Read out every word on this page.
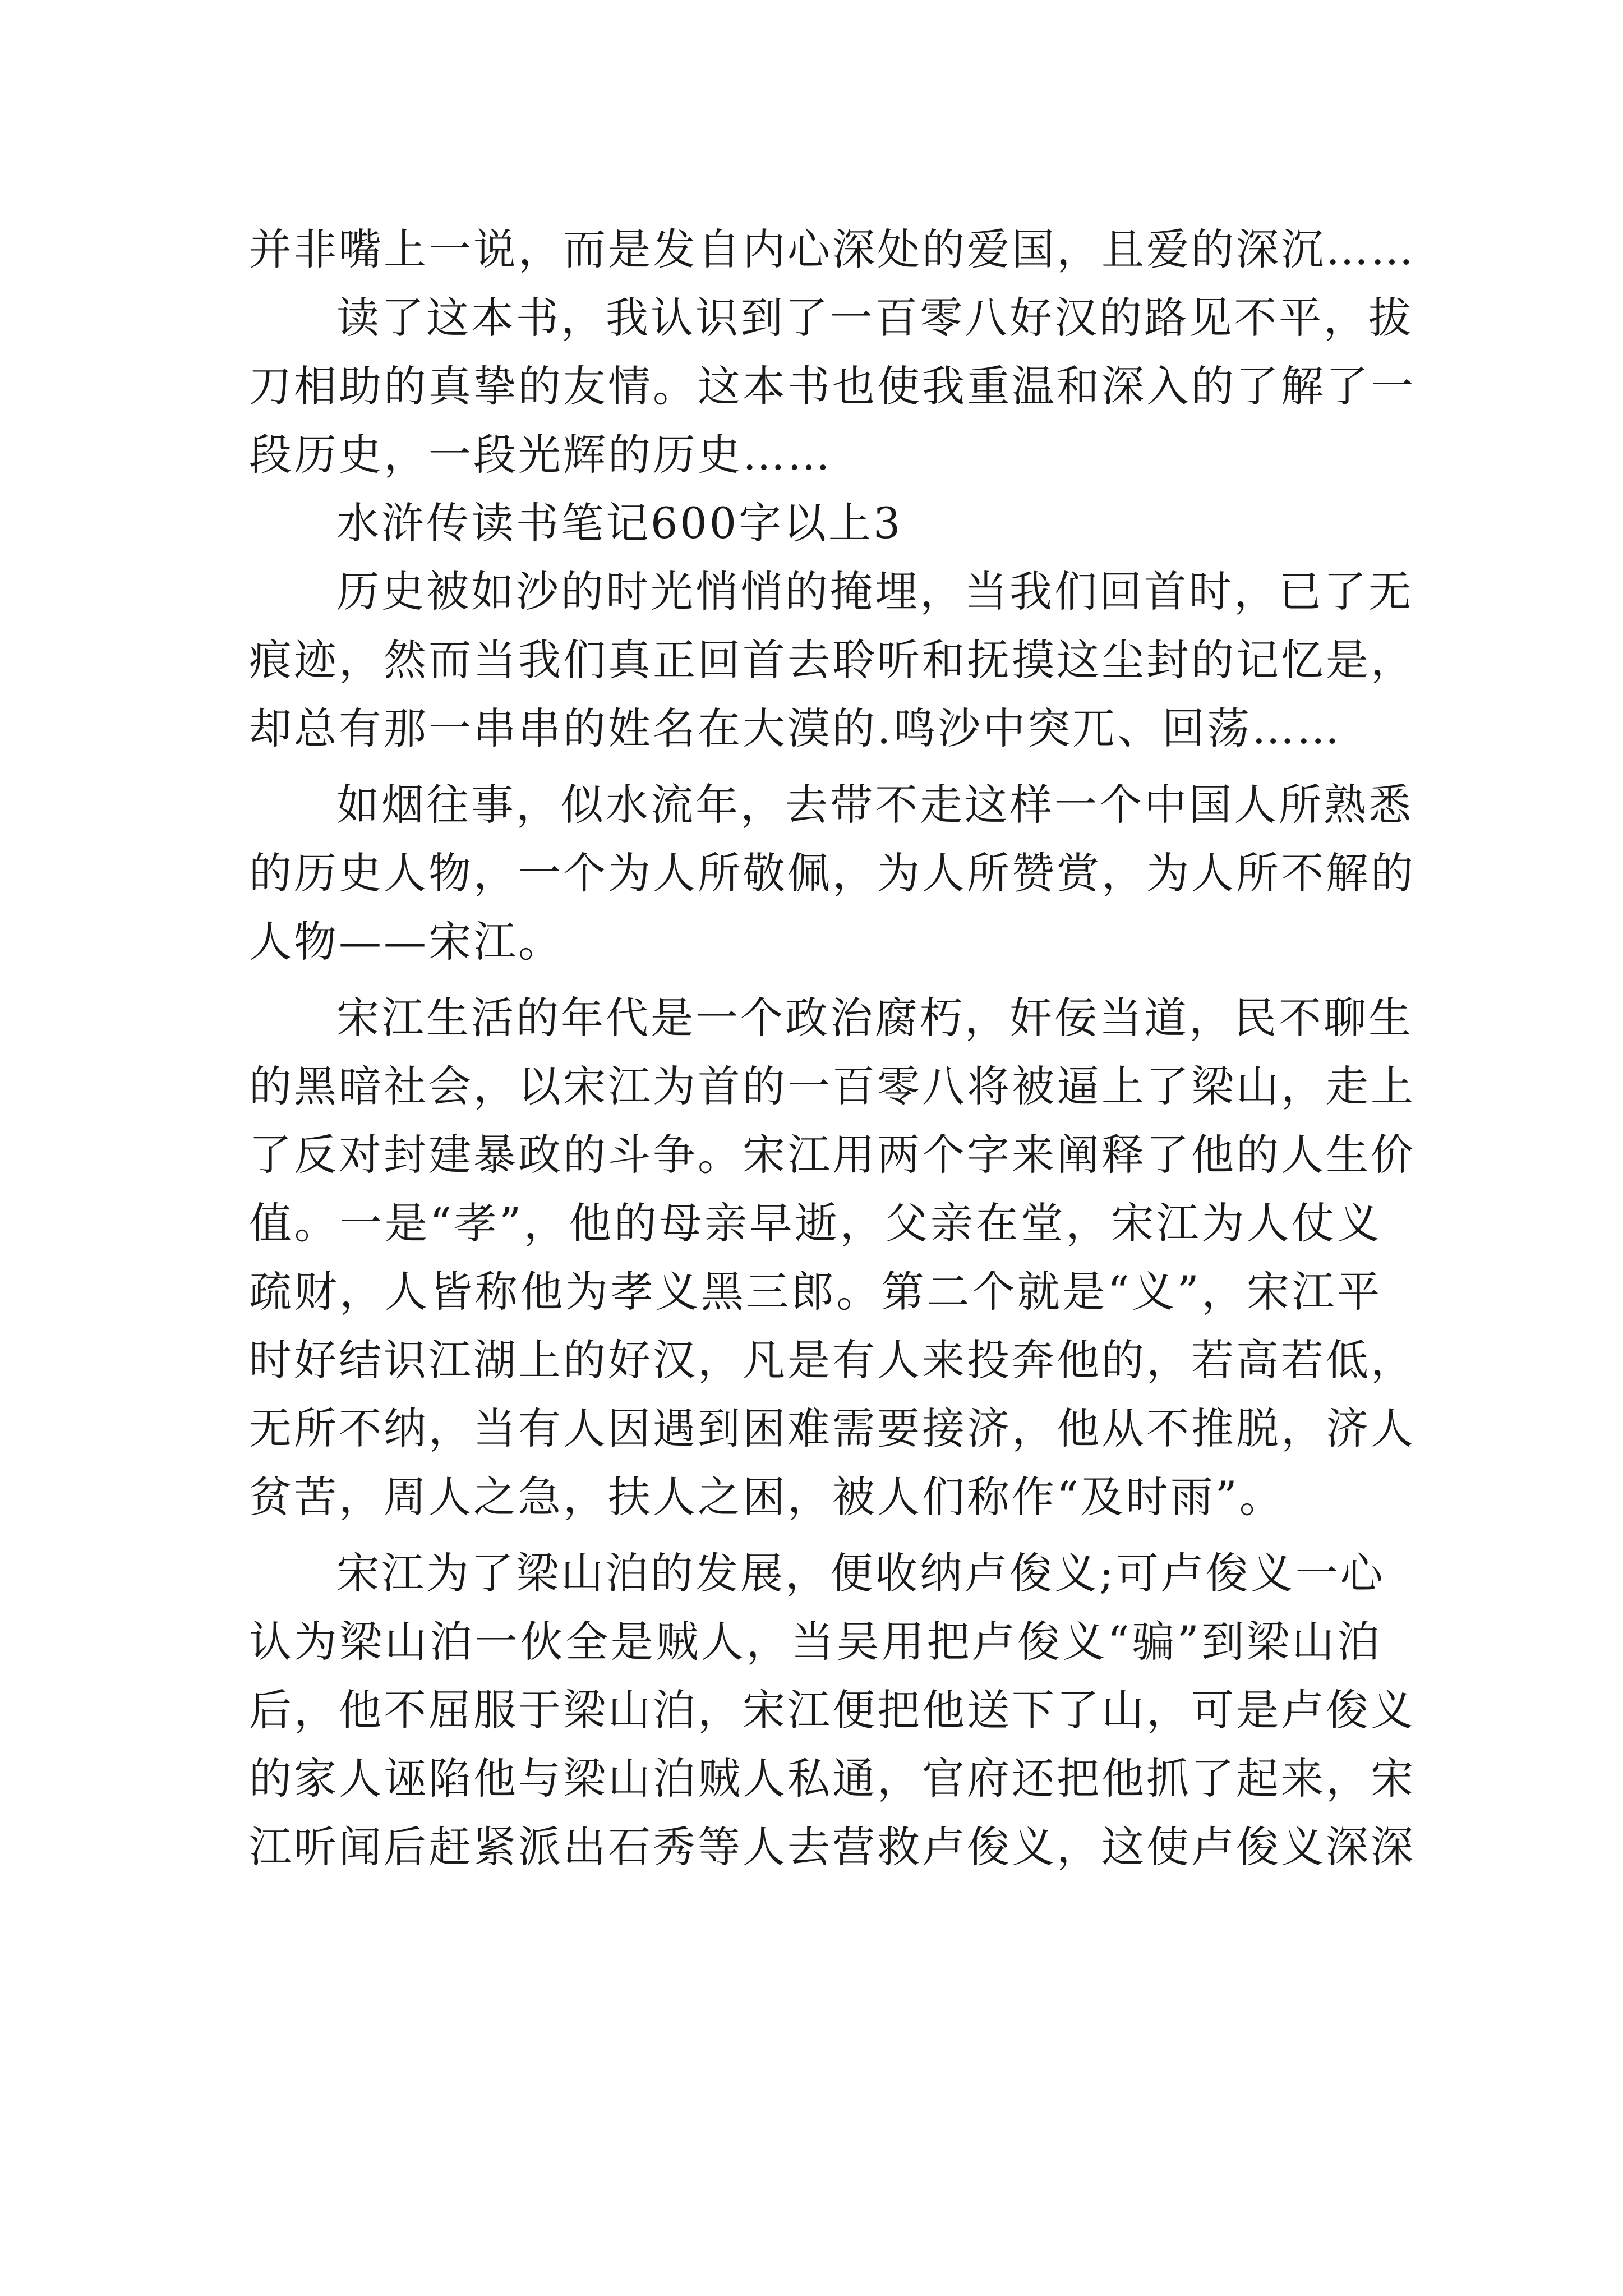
并非嘴上一说，而是发自内心深处的爱国，且爱的深沉……
读了这本书，我认识到了一百零八好汉的路见不平，拔
刀相助的真挚的友情。这本书也使我重温和深入的了解了一
段历史，一段光辉的历史……
水浒传读书笔记600字以上3
历史被如沙的时光悄悄的掩埋，当我们回首时，已了无
痕迹，然而当我们真正回首去聆听和抚摸这尘封的记忆是，
却总有那一串串的姓名在大漠的.鸣沙中突兀、回荡……
如烟往事，似水流年，去带不走这样一个中国人所熟悉
的历史人物，一个为人所敬佩，为人所赞赏，为人所不解的
人物——宋江。
宋江生活的年代是一个政治腐朽，奸佞当道，民不聊生
的黑暗社会，以宋江为首的一百零八将被逼上了梁山，走上
了反对封建暴政的斗争。宋江用两个字来阐释了他的人生价
值。一是“孝”，他的母亲早逝，父亲在堂，宋江为人仗义
疏财，人皆称他为孝义黑三郎。第二个就是“义”，宋江平
时好结识江湖上的好汉，凡是有人来投奔他的，若高若低，
无所不纳，当有人因遇到困难需要接济，他从不推脱，济人
贫苦，周人之急，扶人之困，被人们称作“及时雨”。
宋江为了梁山泊的发展，便收纳卢俊义;可卢俊义一心
认为梁山泊一伙全是贼人，当吴用把卢俊义“骗”到梁山泊
后，他不屈服于梁山泊，宋江便把他送下了山，可是卢俊义
的家人诬陷他与梁山泊贼人私通，官府还把他抓了起来，宋
江听闻后赶紧派出石秀等人去营救卢俊义，这使卢俊义深深
